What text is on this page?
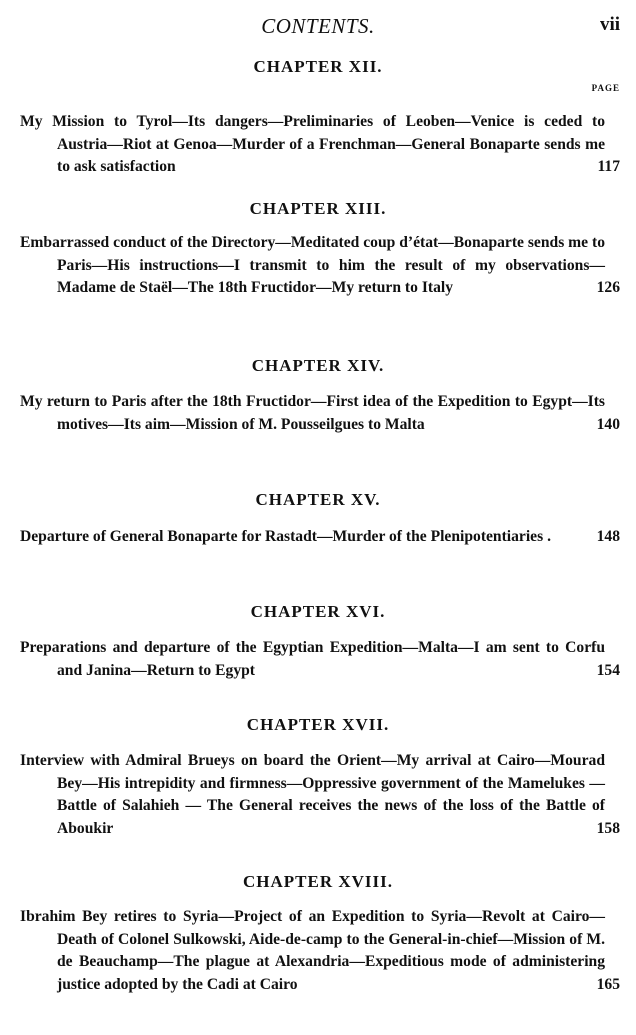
CONTENTS.	vii
PAGE
CHAPTER XII.
My Mission to Tyrol—Its dangers—Preliminaries of Leoben—Venice is ceded to Austria—Riot at Genoa—Murder of a Frenchman—General Bonaparte sends me to ask satisfaction	117
CHAPTER XIII.
Embarrassed conduct of the Directory—Meditated coup d’état—Bonaparte sends me to Paris—His instructions—I transmit to him the result of my observations—Madame de Staël—The 18th Fructidor—My return to Italy	126
CHAPTER XIV.
My return to Paris after the 18th Fructidor—First idea of the Expedition to Egypt—Its motives—Its aim—Mission of M. Pousseilgues to Malta	140
CHAPTER XV.
Departure of General Bonaparte for Rastadt—Murder of the Plenipotentiaries .	148
CHAPTER XVI.
Preparations and departure of the Egyptian Expedition—Malta—I am sent to Corfu and Janina—Return to Egypt	154
CHAPTER XVII.
Interview with Admiral Brueys on board the Orient—My arrival at Cairo—Mourad Bey—His intrepidity and firmness—Oppressive government of the Mamelukes — Battle of Salahieh — The General receives the news of the loss of the Battle of Aboukir	158
CHAPTER XVIII.
Ibrahim Bey retires to Syria—Project of an Expedition to Syria—Revolt at Cairo—Death of Colonel Sulkowski, Aide-de-camp to the General-in-chief—Mission of M. de Beauchamp—The plague at Alexandria—Expeditious mode of administering justice adopted by the Cadi at Cairo	165
